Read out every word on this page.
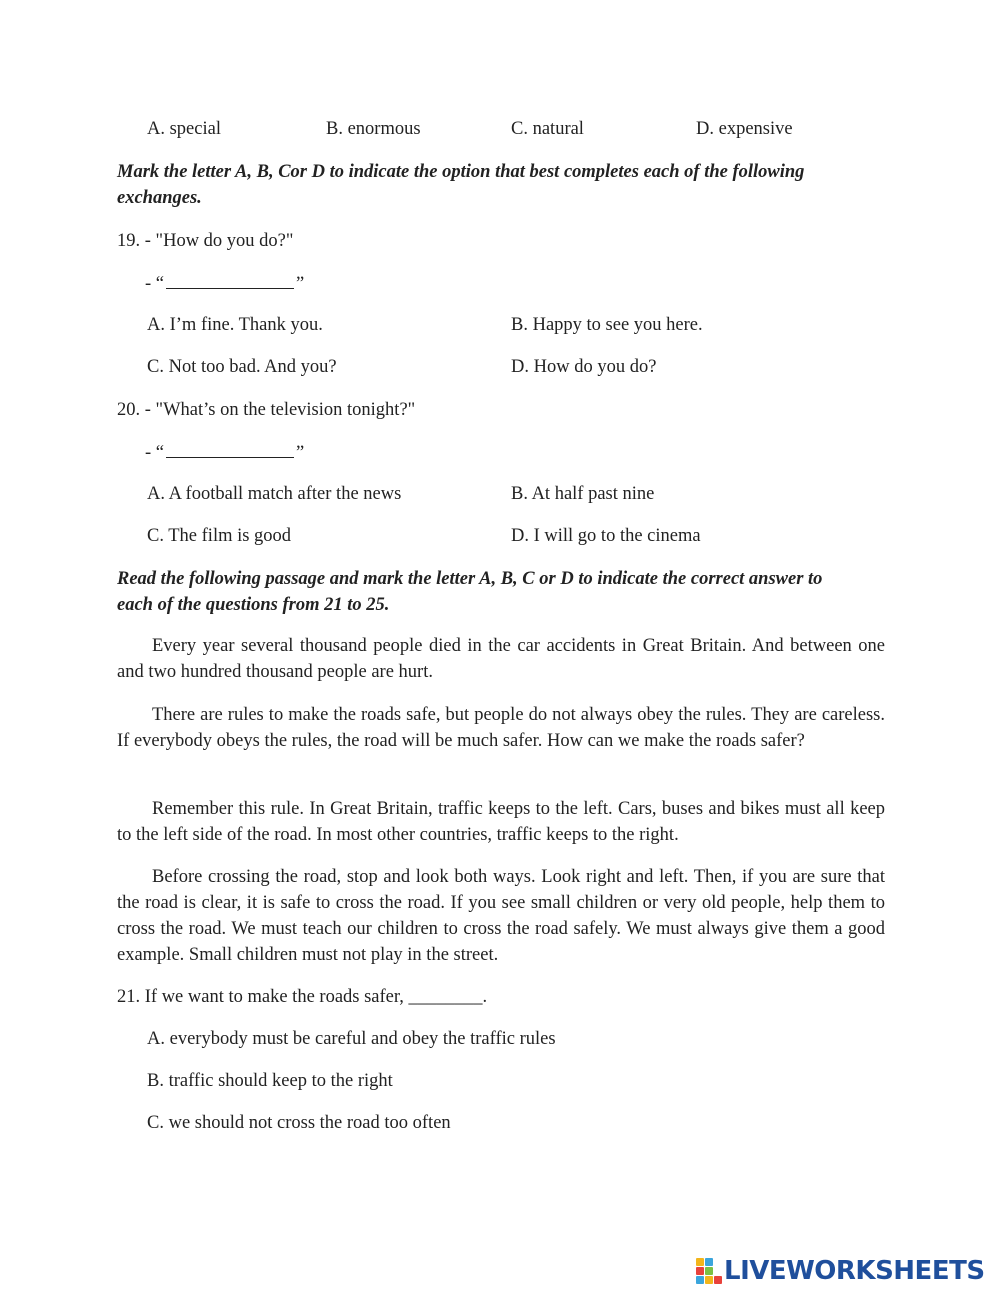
A. special	B. enormous	C. natural	D. expensive
Mark the letter A, B, Cor D to indicate the option that best completes each of the following
exchanges.
19. - "How do you do?"
- “	”
A. I’m fine. Thank you.	B. Happy to see you here.
C. Not too bad. And you?	D. How do you do?
20. - "What’s on the television tonight?"
- “	”
A. A football match after the news	B. At half past nine
C. The film is good	D. I will go to the cinema
Read the following passage and mark the letter A, B, C or D to indicate the correct answer to
each of the questions from 21 to 25.
Every year several thousand people died in the car accidents in Great Britain. And between one and two hundred thousand people are hurt.
There are rules to make the roads safe, but people do not always obey the rules. They are careless. If everybody obeys the rules, the road will be much safer. How can we make the roads safer?
Remember this rule. In Great Britain, traffic keeps to the left. Cars, buses and bikes must all keep to the left side of the road. In most other countries, traffic keeps to the right.
Before crossing the road, stop and look both ways. Look right and left. Then, if you are sure that the road is clear, it is safe to cross the road. If you see small children or very old people, help them to cross the road. We must teach our children to cross the road safely. We must always give them a good example. Small children must not play in the street.
21. If we want to make the roads safer, ________.
A. everybody must be careful and obey the traffic rules
B. traffic should keep to the right
C. we should not cross the road too often
LIVEWORKSHEETS
